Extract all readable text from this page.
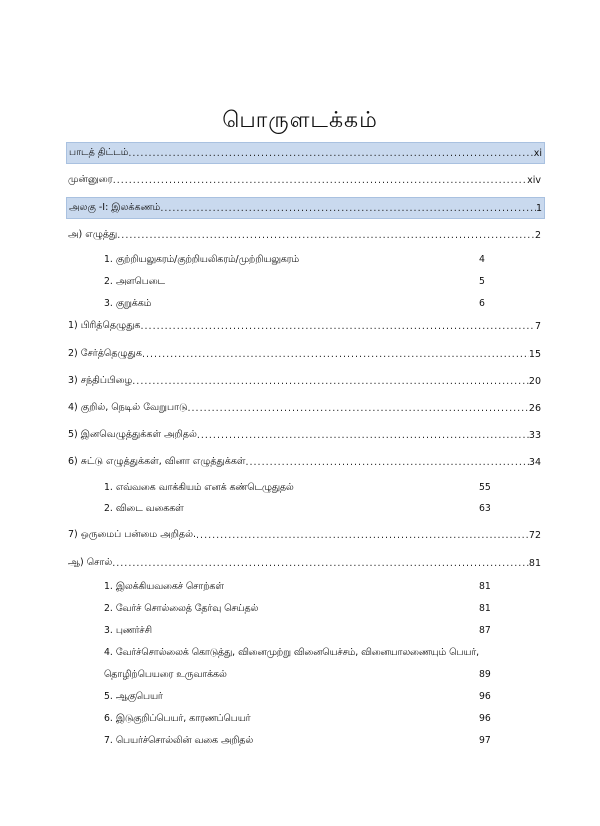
பொருளடக்கம்
பாடத் திட்டம் .....	xi
முன்னுரை .....	xiv
அலகு -I: இலக்கணம் .....	1
அ) எழுத்து .....	2
1. குற்றியலுகரம்/குற்றியலிகரம்/முற்றியலுகரம்	4
2. அளபெடை	5
3. குறுக்கம்	6
1) பிரித்தெழுதுக .....	7
2) சேர்த்தெழுதுக .....	15
3) சந்திப்பிழை .....	20
4) குறில், நெடில் வேறுபாடு .....	26
5) இனவெழுத்துக்கள் அறிதல் .....	33
6) சுட்டு எழுத்துக்கள், வினா எழுத்துக்கள் .....	34
1. எவ்வகை வாக்கியம் எனக் கண்டெழுதுதல்	55
2. விடை வகைகள்	63
7) ஒருமைப் பன்மை அறிதல். .....	72
ஆ) சொல் .....	81
1. இலக்கியவகைச் சொற்கள்	81
2. வேர்ச் சொல்லைத் தேர்வு செய்தல்	81
3. புணர்ச்சி	87
4. வேர்ச்சொல்லைக் கொடுத்து, வினைமுற்று வினையெச்சம், வினையாலணையும் பெயர்,
தொழிற்பெயரை உருவாக்கல்	89
5. ஆகுபெயர்	96
6. இடுகுறிப்பெயர், காரணப்பெயர்	96
7. பெயர்ச்சொல்லின் வகை அறிதல்	97
